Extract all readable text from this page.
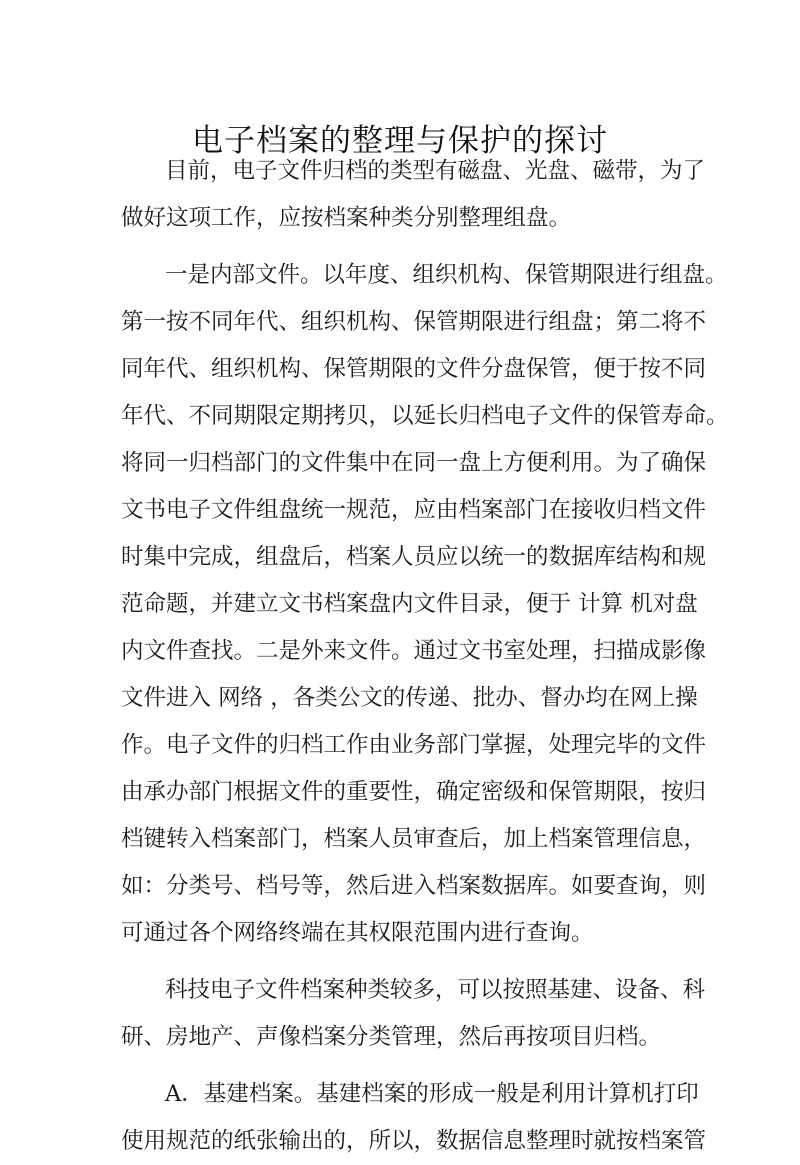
电子档案的整理与保护的探讨
目前，电子文件归档的类型有磁盘、光盘、磁带，为了
做好这项工作，应按档案种类分别整理组盘。
一是内部文件。以年度、组织机构、保管期限进行组盘。
第一按不同年代、组织机构、保管期限进行组盘；第二将不
同年代、组织机构、保管期限的文件分盘保管，便于按不同
年代、不同期限定期拷贝，以延长归档电子文件的保管寿命。
将同一归档部门的文件集中在同一盘上方便利用。为了确保
文书电子文件组盘统一规范，应由档案部门在接收归档文件
时集中完成，组盘后，档案人员应以统一的数据库结构和规
范命题，并建立文书档案盘内文件目录，便于 计算 机对盘
内文件查找。二是外来文件。通过文书室处理，扫描成影像
文件进入 网络 ，各类公文的传递、批办、督办均在网上操
作。电子文件的归档工作由业务部门掌握，处理完毕的文件
由承办部门根据文件的重要性，确定密级和保管期限，按归
档键转入档案部门，档案人员审查后，加上档案管理信息，
如：分类号、档号等，然后进入档案数据库。如要查询，则
可通过各个网络终端在其权限范围内进行查询。
科技电子文件档案种类较多，可以按照基建、设备、科
研、房地产、声像档案分类管理，然后再按项目归档。
A．基建档案。基建档案的形成一般是利用计算机打印
使用规范的纸张输出的，所以，数据信息整理时就按档案管
